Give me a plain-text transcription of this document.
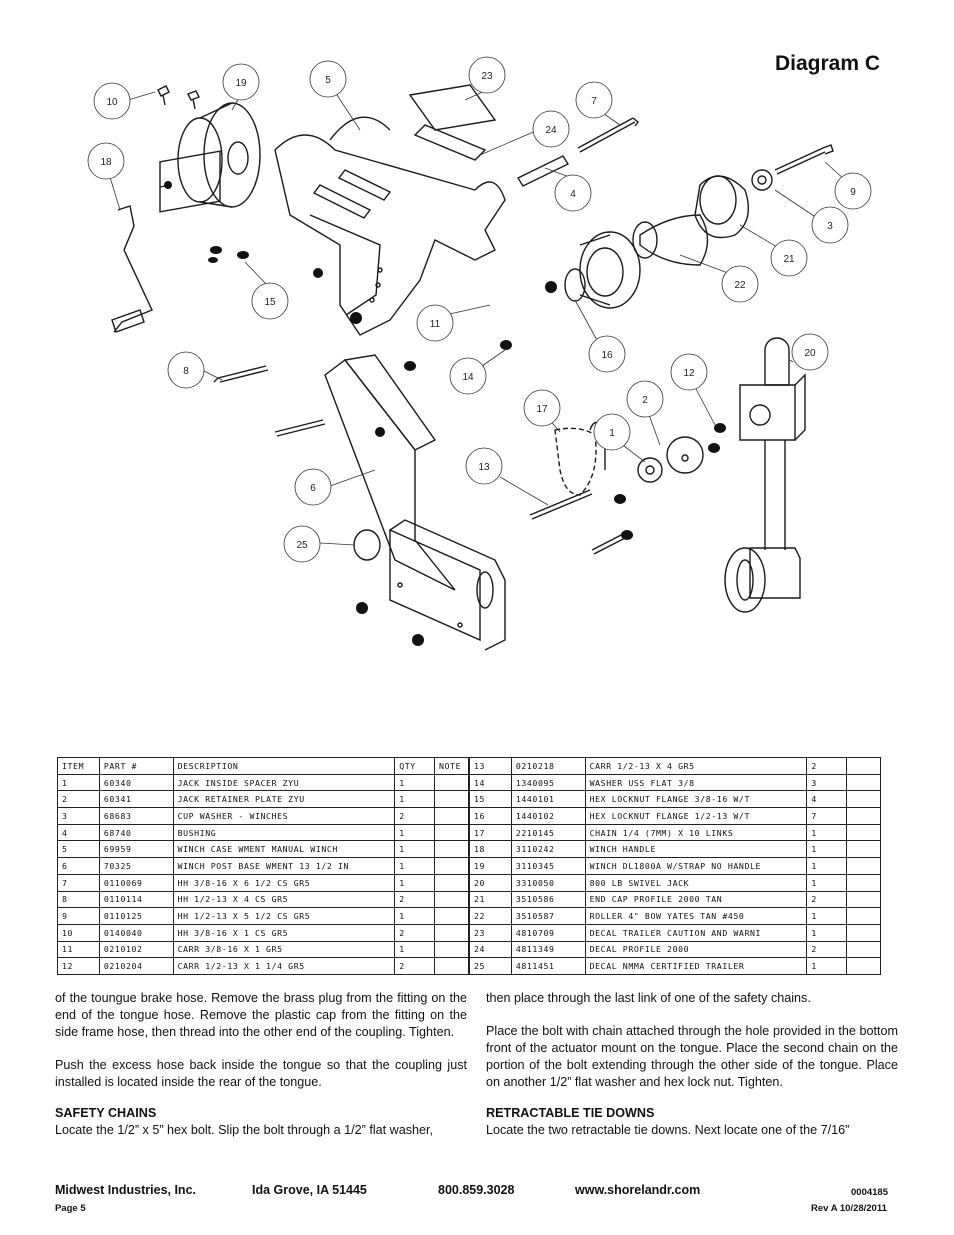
Diagram C
10
19	5	23
24
7
18
4	9
3
21
22
15
11
16
8
14
20
12
2
17
1
13
6
25
ITEM	PART #	DESCRIPTION	QTY	NOTE
1	60340	JACK INSIDE SPACER ZYU	1	
2	60341	JACK RETAINER PLATE ZYU	1	
3	68683	CUP WASHER - WINCHES	2	
4	68740	BUSHING	1	
5	69959	WINCH CASE WMENT MANUAL WINCH	1	
6	70325	WINCH POST BASE WMENT 13 1/2 IN	1	
7	0110069	HH 3/8-16 X 6 1/2 CS GR5	1	
8	0110114	HH 1/2-13 X 4 CS GR5	2	
9	0110125	HH 1/2-13 X 5 1/2 CS GR5	1	
10	0140040	HH 3/8-16 X 1 CS GR5	2	
11	0210102	CARR 3/8-16 X 1 GR5	1	
12	0210204	CARR 1/2-13 X 1 1/4 GR5	2	
13	0210218	CARR 1/2-13 X 4 GR5	2	
14	1340095	WASHER USS FLAT 3/8	3	
15	1440101	HEX LOCKNUT FLANGE 3/8-16 W/T	4	
16	1440102	HEX LOCKNUT FLANGE 1/2-13 W/T	7	
17	2210145	CHAIN 1/4 (7MM) X 10 LINKS	1	
18	3110242	WINCH HANDLE	1	
19	3110345	WINCH DL1800A W/STRAP NO HANDLE	1	
20	3310050	800 LB SWIVEL JACK	1	
21	3510586	END CAP PROFILE 2000 TAN	2	
22	3510587	ROLLER 4" BOW YATES TAN #450	1	
23	4810709	DECAL TRAILER CAUTION AND WARNI	1	
24	4811349	DECAL PROFILE 2000	2	
25	4811451	DECAL NMMA CERTIFIED TRAILER	1	

of the toungue brake hose. Remove the brass plug from the fitting on the end of the tongue hose. Remove the plastic cap from the fitting on the side frame hose, then thread into the other end of the coupling. Tighten.

Push the excess hose back inside the tongue so that the coupling just installed is located inside the rear of the tongue.

SAFETY CHAINS

Locate the 1/2” x 5” hex bolt. Slip the bolt through a 1/2” flat washer,

then place through the last link of one of the safety chains.

Place the bolt with chain attached through the hole provided in the bottom front of the actuator mount on the tongue. Place the second chain on the portion of the bolt extending through the other side of the tongue. Place on another 1/2” flat washer and hex lock nut. Tighten.

RETRACTABLE TIE DOWNS

Locate the two retractable tie downs. Next locate one of the 7/16”

Midwest Industries, Inc.	Ida Grove, IA 51445	800.859.3028	www.shorelandr.com	0004185
Page 5	Rev A 10/28/2011
